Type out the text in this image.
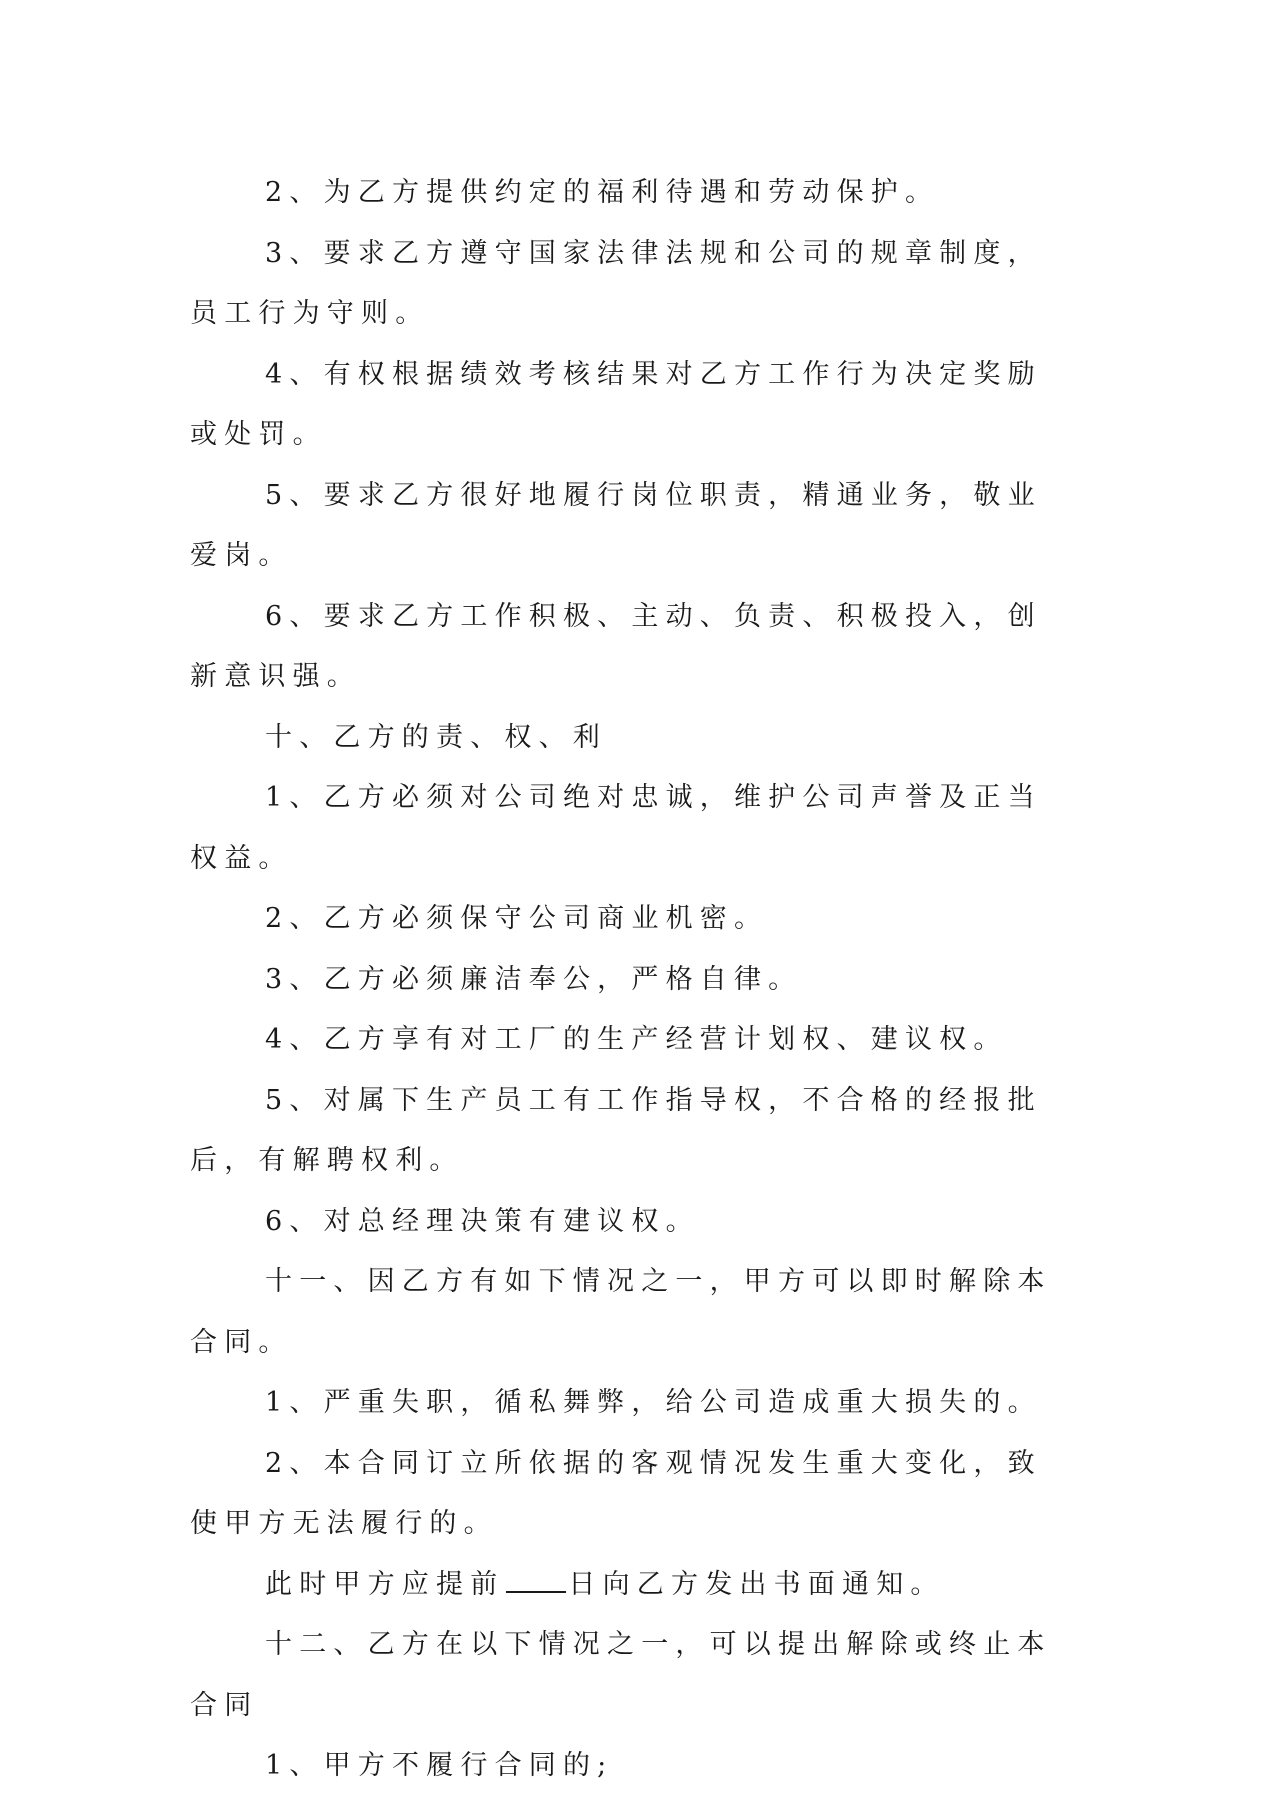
2、为乙方提供约定的福利待遇和劳动保护。

3、要求乙方遵守国家法律法规和公司的规章制度，员工行为守则。

4、有权根据绩效考核结果对乙方工作行为决定奖励或处罚。

5、要求乙方很好地履行岗位职责，精通业务，敬业爱岗。

6、要求乙方工作积极、主动、负责、积极投入，创新意识强。

十、乙方的责、权、利

1、乙方必须对公司绝对忠诚，维护公司声誉及正当权益。

2、乙方必须保守公司商业机密。

3、乙方必须廉洁奉公，严格自律。

4、乙方享有对工厂的生产经营计划权、建议权。

5、对属下生产员工有工作指导权，不合格的经报批后，有解聘权利。

6、对总经理决策有建议权。

十一、因乙方有如下情况之一，甲方可以即时解除本合同。

1、严重失职，循私舞弊，给公司造成重大损失的。

2、本合同订立所依据的客观情况发生重大变化，致使甲方无法履行的。

此时甲方应提前 日向乙方发出书面通知。

十二、乙方在以下情况之一，可以提出解除或终止本合同

1、甲方不履行合同的;
